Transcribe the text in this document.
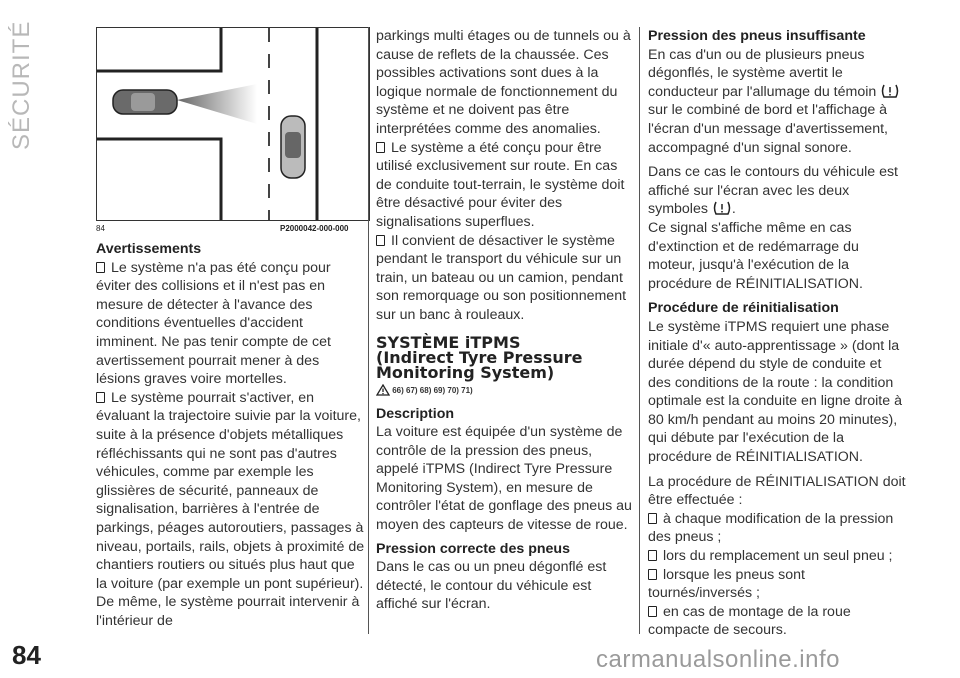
SÉCURITÉ
84
84	P2000042-000-000

Avertissements

Le système n'a pas été conçu pour éviter des collisions et il n'est pas en mesure de détecter à l'avance des conditions éventuelles d'accident imminent. Ne pas tenir compte de cet avertissement pourrait mener à des lésions graves voire mortelles.

Le système pourrait s'activer, en évaluant la trajectoire suivie par la voiture, suite à la présence d'objets métalliques réfléchissants qui ne sont pas d'autres véhicules, comme par exemple les glissières de sécurité, panneaux de signalisation, barrières à l'entrée de parkings, péages autoroutiers, passages à niveau, portails, rails, objets à proximité de chantiers routiers ou situés plus haut que la voiture (par exemple un pont supérieur). De même, le système pourrait intervenir à l'intérieur de

parkings multi étages ou de tunnels ou à cause de reflets de la chaussée. Ces possibles activations sont dues à la logique normale de fonctionnement du système et ne doivent pas être interprétées comme des anomalies.

Le système a été conçu pour être utilisé exclusivement sur route. En cas de conduite tout-terrain, le système doit être désactivé pour éviter des signalisations superflues.

Il convient de désactiver le système pendant le transport du véhicule sur un train, un bateau ou un camion, pendant son remorquage ou son positionnement sur un banc à rouleaux.

SYSTÈME iTPMS
(Indirect Tyre Pressure
Monitoring System)
66) 67) 68) 69) 70) 71)

Description

La voiture est équipée d'un système de contrôle de la pression des pneus, appelé iTPMS (Indirect Tyre Pressure Monitoring System), en mesure de contrôler l'état de gonflage des pneus au moyen des capteurs de vitesse de roue.

Pression correcte des pneus

Dans le cas ou un pneu dégonflé est détecté, le contour du véhicule est affiché sur l'écran.

Pression des pneus insuffisante

En cas d'un ou de plusieurs pneus dégonflés, le système avertit le conducteur par l'allumage du témoin  sur le combiné de bord et l'affichage à l'écran d'un message d'avertissement, accompagné d'un signal sonore.

Dans ce cas le contours du véhicule est affiché sur l'écran avec les deux symboles .

Ce signal s'affiche même en cas d'extinction et de redémarrage du moteur, jusqu'à l'exécution de la procédure de RÉINITIALISATION.

Procédure de réinitialisation

Le système iTPMS requiert une phase initiale d'« auto-apprentissage » (dont la durée dépend du style de conduite et des conditions de la route : la condition optimale est la conduite en ligne droite à 80 km/h pendant au moins 20 minutes), qui débute par l'exécution de la procédure de RÉINITIALISATION.

La procédure de RÉINITIALISATION doit être effectuée :

à chaque modification de la pression des pneus ;

lors du remplacement un seul pneu ;

lorsque les pneus sont tournés/inversés ;

en cas de montage de la roue compacte de secours.

carmanualsonline.info
